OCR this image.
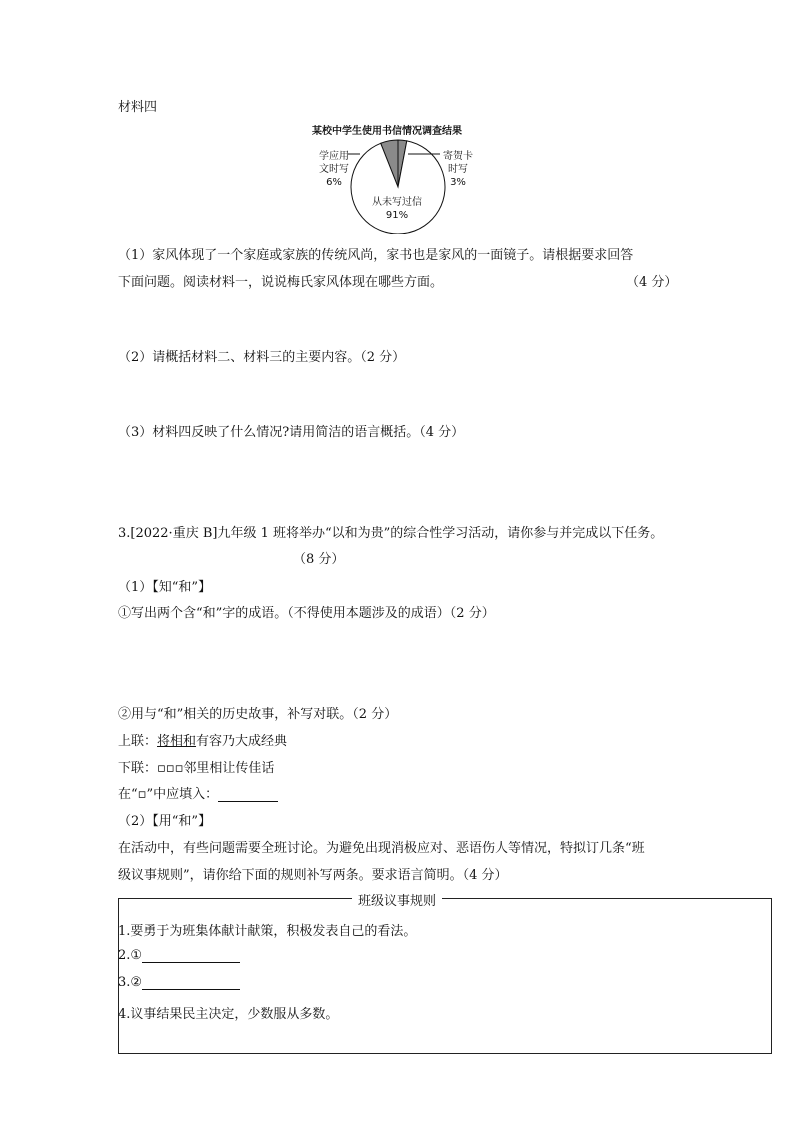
材料四
某校中学生使用书信情况调查结果
学应用
文时写
6%
寄贺卡
时写
3%
从未写过信
91%
（1）家风体现了一个家庭或家族的传统风尚，家书也是家风的一面镜子。请根据要求回答
下面问题。阅读材料一，说说梅氏家风体现在哪些方面。	（4 分）
（2）请概括材料二、材料三的主要内容。（2 分）
（3）材料四反映了什么情况?请用简洁的语言概括。（4 分）
3.[2022·重庆 B]九年级 1 班将举办“以和为贵”的综合性学习活动，请你参与并完成以下任务。
（8 分）
（1）【知“和”】
①写出两个含“和”字的成语。（不得使用本题涉及的成语）（2 分）
②用与“和”相关的历史故事，补写对联。（2 分）
上联：将相和有容乃大成经典
下联：▫▫▫邻里相让传佳话
在“▫”中应填入：
（2）【用“和”】
在活动中，有些问题需要全班讨论。为避免出现消极应对、恶语伤人等情况，特拟订几条“班
级议事规则”，请你给下面的规则补写两条。要求语言简明。（4 分）
班级议事规则
1.要勇于为班集体献计献策，积极发表自己的看法。
2.①
3.②
4.议事结果民主决定，少数服从多数。
